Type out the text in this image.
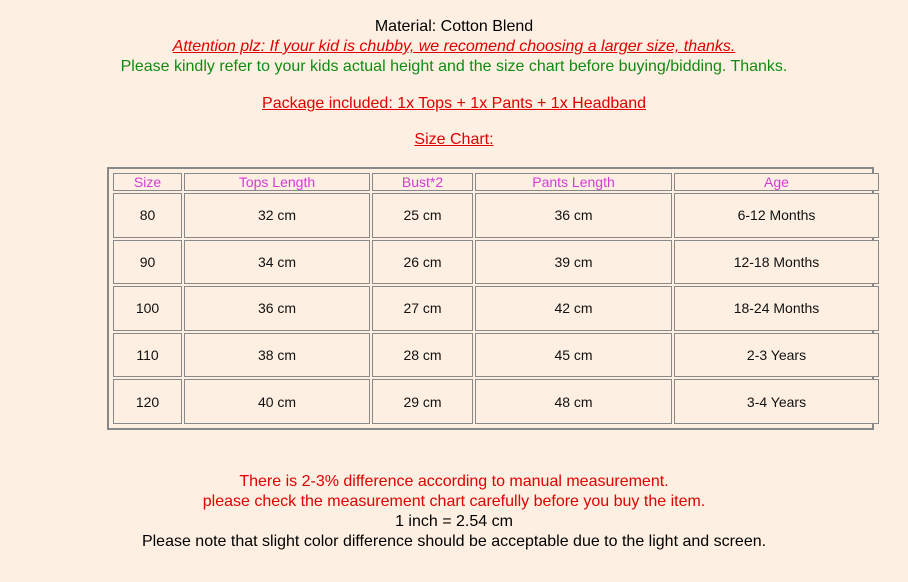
Material: Cotton Blend
Attention plz: If your kid is chubby, we recomend choosing a larger size, thanks.
Please kindly refer to your kids actual height and the size chart before buying/bidding. Thanks.
Package included: 1x Tops + 1x Pants + 1x Headband
Size Chart:
Size	Tops Length	Bust*2	Pants Length	Age
80	32 cm	25 cm	36 cm	6-12 Months
90	34 cm	26 cm	39 cm	12-18 Months
100	36 cm	27 cm	42 cm	18-24 Months
110	38 cm	28 cm	45 cm	2-3 Years
120	40 cm	29 cm	48 cm	3-4 Years
There is 2-3% difference according to manual measurement.
please check the measurement chart carefully before you buy the item.
1 inch = 2.54 cm
Please note that slight color difference should be acceptable due to the light and screen.
